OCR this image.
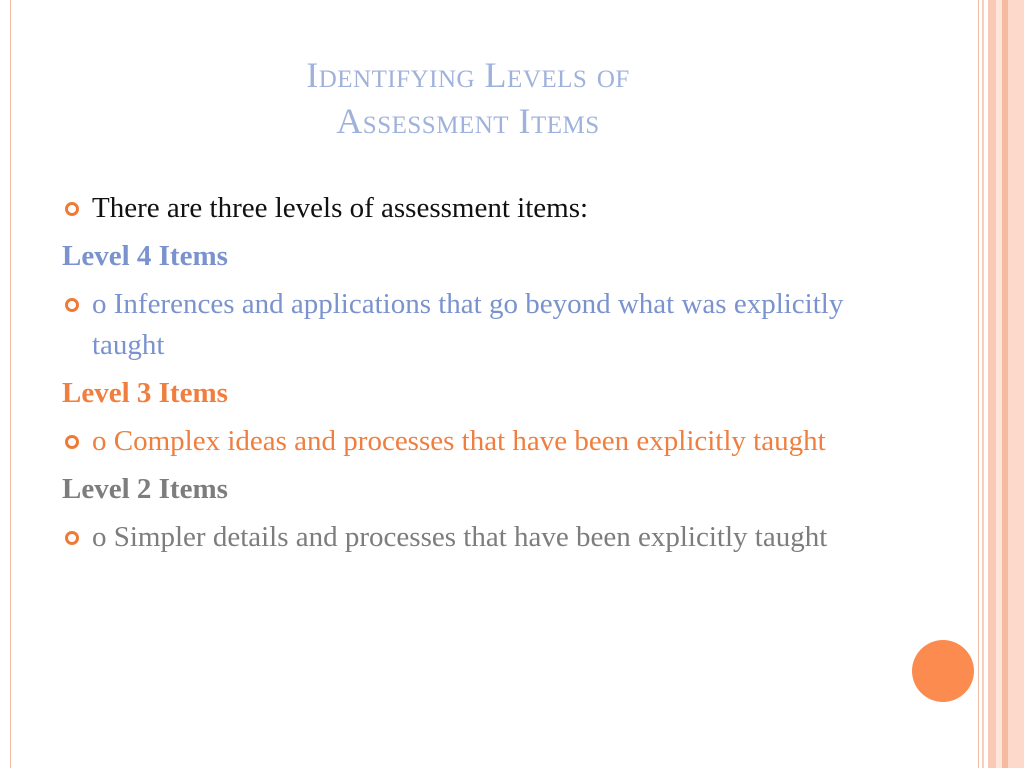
Identifying Levels of
Assessment Items
There are three levels of assessment items:
Level 4 Items
o Inferences and applications that go beyond what was explicitly taught
Level 3 Items
o Complex ideas and processes that have been explicitly taught
Level 2 Items
o Simpler details and processes that have been explicitly taught
